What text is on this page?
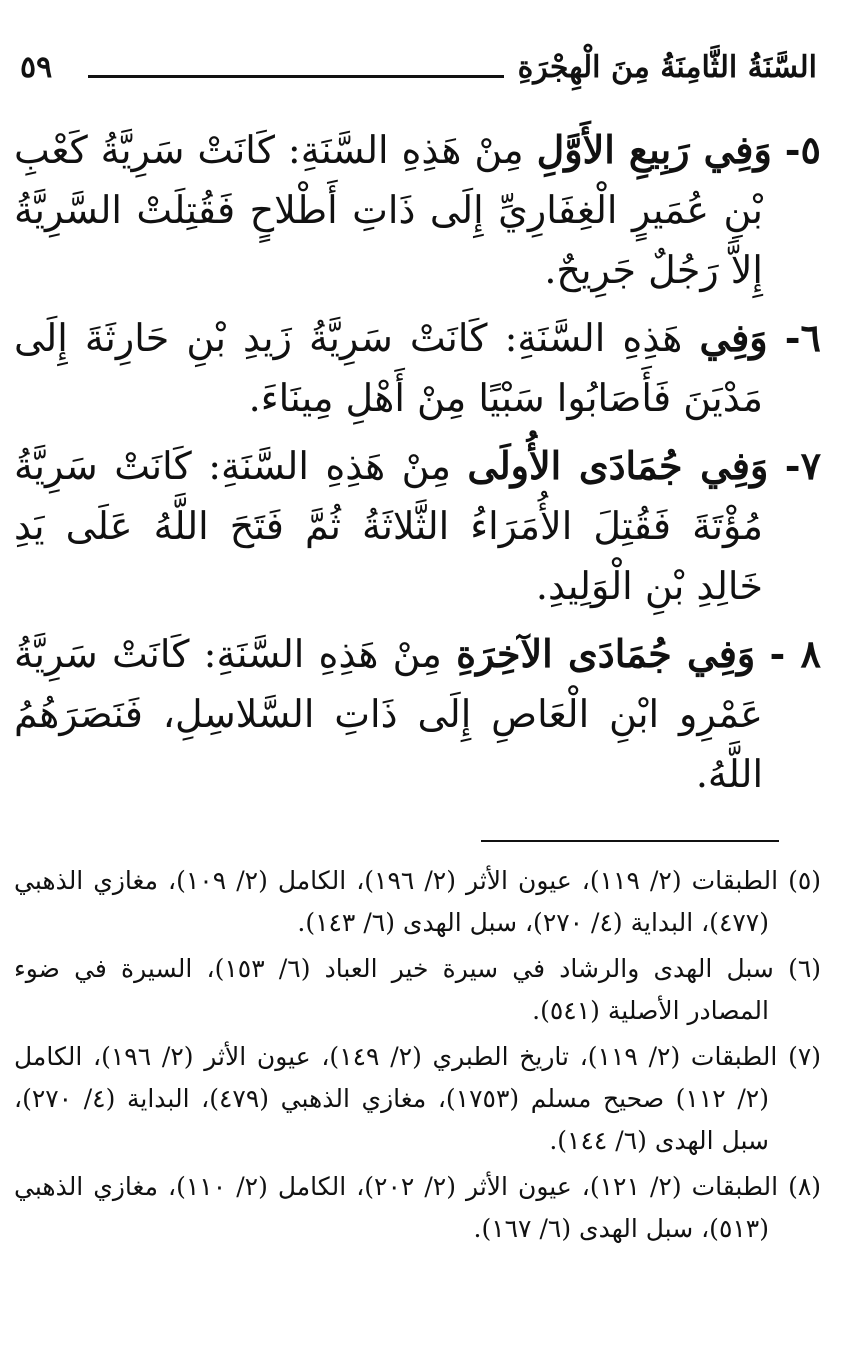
السَّنَةُ الثَّامِنَةُ مِنَ الْهِجْرَةِ
٥٩

٥- وَفِي رَبِيعِ الأَوَّلِ مِنْ هَذِهِ السَّنَةِ: كَانَتْ سَرِيَّةُ كَعْبِ بْنِ عُمَيرٍ الْغِفَارِيِّ إِلَى ذَاتِ أَطْلاحٍ فَقُتِلَتْ السَّرِيَّةُ إِلاَّ رَجُلٌ جَرِيحٌ.

٦- وَفِي هَذِهِ السَّنَةِ: كَانَتْ سَرِيَّةُ زَيدِ بْنِ حَارِثَةَ إِلَى مَدْيَنَ فَأَصَابُوا سَبْيًا مِنْ أَهْلِ مِينَاءَ.

٧- وَفِي جُمَادَى الأُولَى مِنْ هَذِهِ السَّنَةِ: كَانَتْ سَرِيَّةُ مُؤْتَةَ فَقُتِلَ الأُمَرَاءُ الثَّلاثَةُ ثُمَّ فَتَحَ اللَّهُ عَلَى يَدِ خَالِدِ بْنِ الْوَلِيدِ.

٨ - وَفِي جُمَادَى الآخِرَةِ مِنْ هَذِهِ السَّنَةِ: كَانَتْ سَرِيَّةُ عَمْرِو ابْنِ الْعَاصِ إِلَى ذَاتِ السَّلاسِلِ، فَنَصَرَهُمُ اللَّهُ.

(٥) الطبقات (٢/ ١١٩)، عيون الأثر (٢/ ١٩٦)، الكامل (٢/ ١٠٩)، مغازي الذهبي (٤٧٧)، البداية (٤/ ٢٧٠)، سبل الهدى (٦/ ١٤٣).

(٦) سبل الهدى والرشاد في سيرة خير العباد (٦/ ١٥٣)، السيرة في ضوء المصادر الأصلية (٥٤١).

(٧) الطبقات (٢/ ١١٩)، تاريخ الطبري (٢/ ١٤٩)، عيون الأثر (٢/ ١٩٦)، الكامل (٢/ ١١٢) صحيح مسلم (١٧٥٣)، مغازي الذهبي (٤٧٩)، البداية (٤/ ٢٧٠)، سبل الهدى (٦/ ١٤٤).

(٨) الطبقات (٢/ ١٢١)، عيون الأثر (٢/ ٢٠٢)، الكامل (٢/ ١١٠)، مغازي الذهبي (٥١٣)، سبل الهدى (٦/ ١٦٧).
